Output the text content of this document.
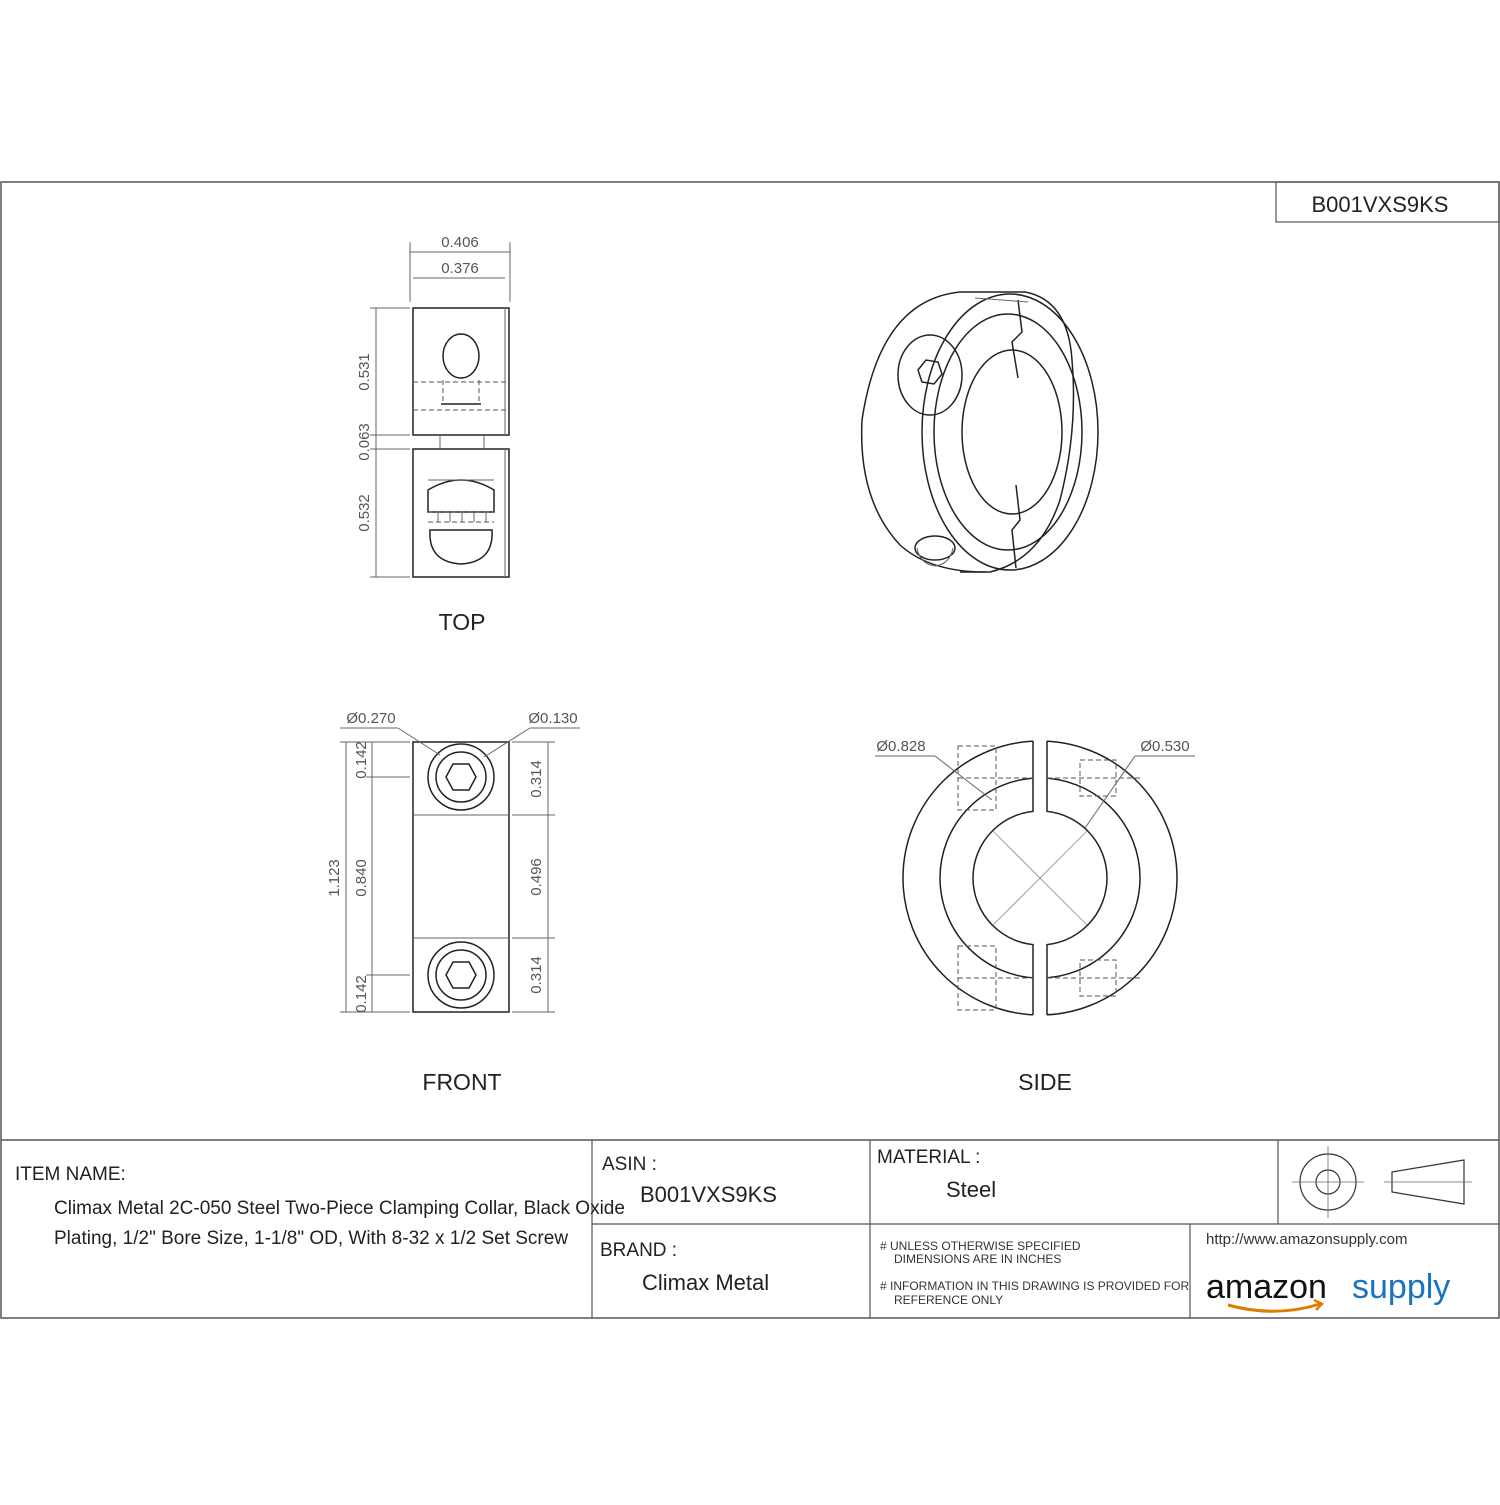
B001VXS9KS
0.406
0.376
0.531
0.063
0.532
TOP
Ø0.270	Ø0.130
1.123
0.142
0.840
0.142
0.314
0.496
0.314
FRONT
Ø0.828	Ø0.530
SIDE
ITEM NAME:
Climax Metal 2C-050 Steel Two-Piece Clamping Collar, Black Oxide
Plating, 1/2" Bore Size, 1-1/8" OD, With 8-32 x 1/2 Set Screw
ASIN :
B001VXS9KS
BRAND :
Climax Metal
MATERIAL :
Steel
# UNLESS OTHERWISE SPECIFIED
DIMENSIONS ARE IN INCHES
# INFORMATION IN THIS DRAWING IS PROVIDED FOR
REFERENCE ONLY
http://www.amazonsupply.com
amazon supply
